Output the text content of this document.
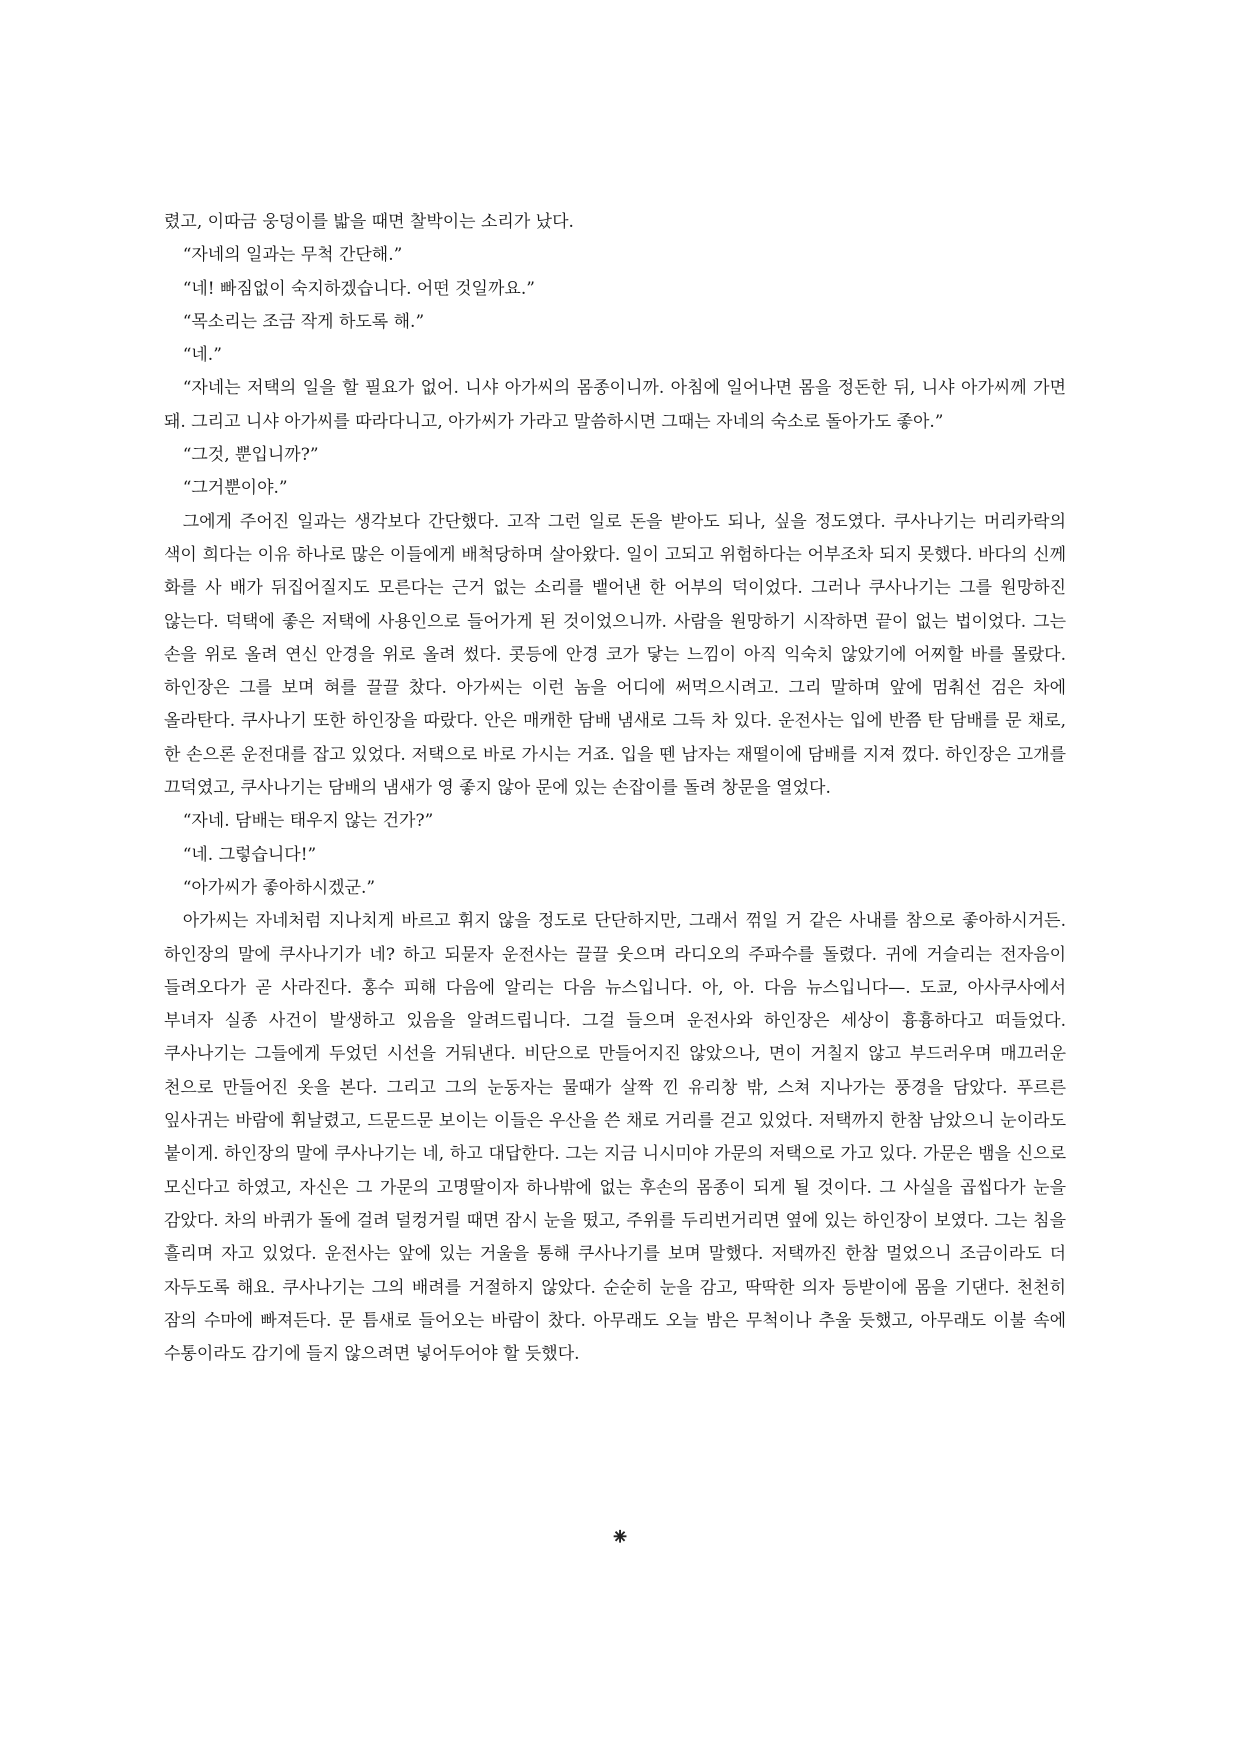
렸고, 이따금 웅덩이를 밟을 때면 찰박이는 소리가 났다.

“자네의 일과는 무척 간단해.”

“네! 빠짐없이 숙지하겠습니다. 어떤 것일까요.”

“목소리는 조금 작게 하도록 해.”

“네.”

“자네는 저택의 일을 할 필요가 없어. 니샤 아가씨의 몸종이니까. 아침에 일어나면 몸을 정돈한 뒤, 니샤 아가씨께 가면 돼. 그리고 니샤 아가씨를 따라다니고, 아가씨가 가라고 말씀하시면 그때는 자네의 숙소로 돌아가도 좋아.”

“그것, 뿐입니까?”

“그거뿐이야.”

그에게 주어진 일과는 생각보다 간단했다. 고작 그런 일로 돈을 받아도 되나, 싶을 정도였다. 쿠사나기는 머리카락의 색이 희다는 이유 하나로 많은 이들에게 배척당하며 살아왔다. 일이 고되고 위험하다는 어부조차 되지 못했다. 바다의 신께 화를 사 배가 뒤집어질지도 모른다는 근거 없는 소리를 뱉어낸 한 어부의 덕이었다. 그러나 쿠사나기는 그를 원망하진 않는다. 덕택에 좋은 저택에 사용인으로 들어가게 된 것이었으니까. 사람을 원망하기 시작하면 끝이 없는 법이었다. 그는 손을 위로 올려 연신 안경을 위로 올려 썼다. 콧등에 안경 코가 닿는 느낌이 아직 익숙치 않았기에 어찌할 바를 몰랐다. 하인장은 그를 보며 혀를 끌끌 찼다. 아가씨는 이런 놈을 어디에 써먹으시려고. 그리 말하며 앞에 멈춰선 검은 차에 올라탄다. 쿠사나기 또한 하인장을 따랐다. 안은 매캐한 담배 냄새로 그득 차 있다. 운전사는 입에 반쯤 탄 담배를 문 채로, 한 손으론 운전대를 잡고 있었다. 저택으로 바로 가시는 거죠. 입을 뗀 남자는 재떨이에 담배를 지져 껐다. 하인장은 고개를 끄덕였고, 쿠사나기는 담배의 냄새가 영 좋지 않아 문에 있는 손잡이를 돌려 창문을 열었다.

“자네. 담배는 태우지 않는 건가?”

“네. 그렇습니다!”

“아가씨가 좋아하시겠군.”

아가씨는 자네처럼 지나치게 바르고 휘지 않을 정도로 단단하지만, 그래서 꺾일 거 같은 사내를 참으로 좋아하시거든. 하인장의 말에 쿠사나기가 네? 하고 되묻자 운전사는 끌끌 웃으며 라디오의 주파수를 돌렸다. 귀에 거슬리는 전자음이 들려오다가 곧 사라진다. 홍수 피해 다음에 알리는 다음 뉴스입니다. 아, 아. 다음 뉴스입니다—. 도쿄, 아사쿠사에서 부녀자 실종 사건이 발생하고 있음을 알려드립니다. 그걸 들으며 운전사와 하인장은 세상이 흉흉하다고 떠들었다. 쿠사나기는 그들에게 두었던 시선을 거둬낸다. 비단으로 만들어지진 않았으나, 면이 거칠지 않고 부드러우며 매끄러운 천으로 만들어진 옷을 본다. 그리고 그의 눈동자는 물때가 살짝 낀 유리창 밖, 스쳐 지나가는 풍경을 담았다. 푸르른 잎사귀는 바람에 휘날렸고, 드문드문 보이는 이들은 우산을 쓴 채로 거리를 걷고 있었다. 저택까지 한참 남았으니 눈이라도 붙이게. 하인장의 말에 쿠사나기는 네, 하고 대답한다. 그는 지금 니시미야 가문의 저택으로 가고 있다. 가문은 뱀을 신으로 모신다고 하였고, 자신은 그 가문의 고명딸이자 하나밖에 없는 후손의 몸종이 되게 될 것이다. 그 사실을 곱씹다가 눈을 감았다. 차의 바퀴가 돌에 걸려 덜컹거릴 때면 잠시 눈을 떴고, 주위를 두리번거리면 옆에 있는 하인장이 보였다. 그는 침을 흘리며 자고 있었다. 운전사는 앞에 있는 거울을 통해 쿠사나기를 보며 말했다. 저택까진 한참 멀었으니 조금이라도 더 자두도록 해요. 쿠사나기는 그의 배려를 거절하지 않았다. 순순히 눈을 감고, 딱딱한 의자 등받이에 몸을 기댄다. 천천히 잠의 수마에 빠져든다. 문 틈새로 들어오는 바람이 찼다. 아무래도 오늘 밤은 무척이나 추울 듯했고, 아무래도 이불 속에 수통이라도 감기에 들지 않으려면 넣어두어야 할 듯했다.

⁕
